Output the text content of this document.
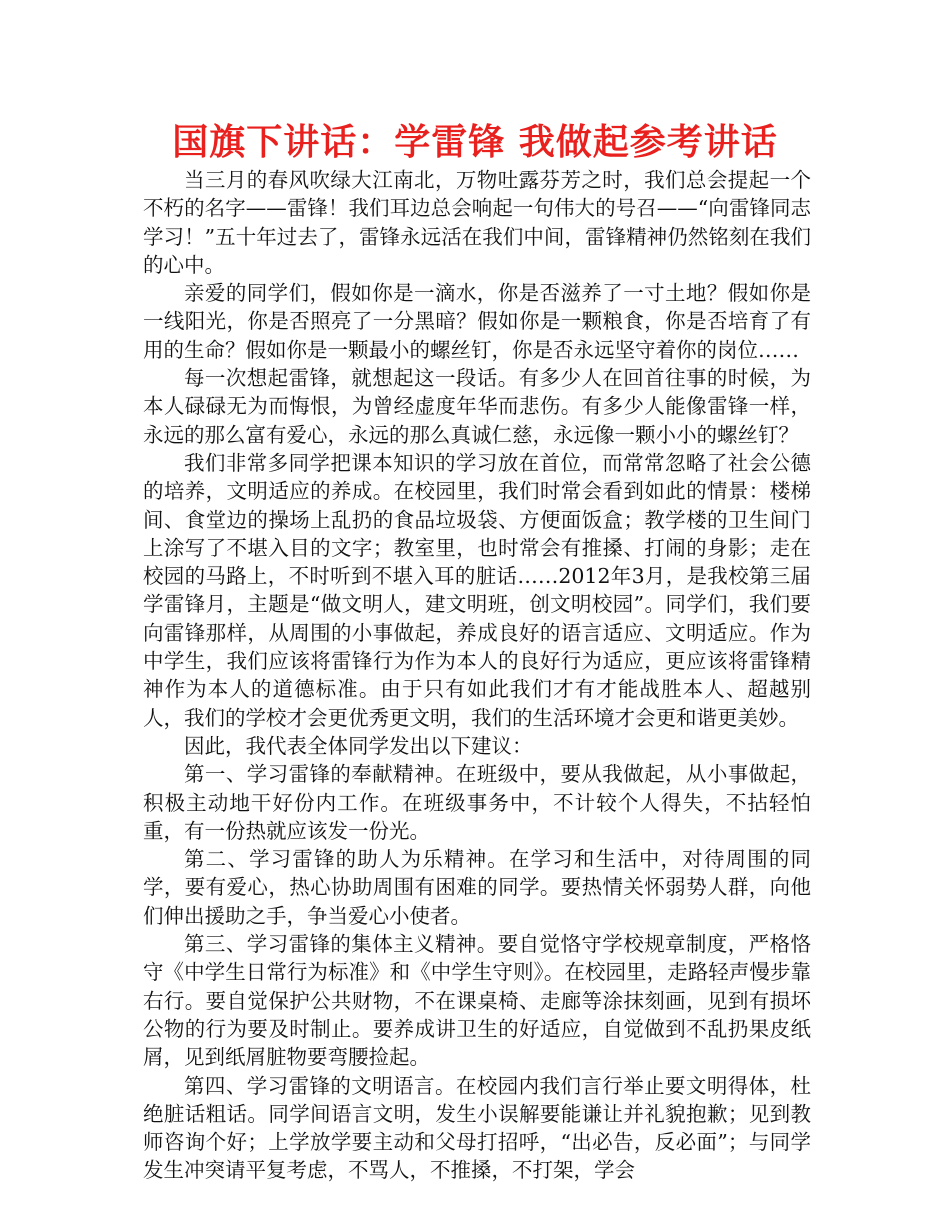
国旗下讲话：学雷锋 我做起参考讲话

当三月的春风吹绿大江南北，万物吐露芬芳之时，我们总会提起一个不朽的名字——雷锋！我们耳边总会响起一句伟大的号召——“向雷锋同志学习！”五十年过去了，雷锋永远活在我们中间，雷锋精神仍然铭刻在我们的心中。

亲爱的同学们，假如你是一滴水，你是否滋养了一寸土地？假如你是一线阳光，你是否照亮了一分黑暗？假如你是一颗粮食，你是否培育了有用的生命？假如你是一颗最小的螺丝钉，你是否永远坚守着你的岗位……

每一次想起雷锋，就想起这一段话。有多少人在回首往事的时候，为本人碌碌无为而悔恨，为曾经虚度年华而悲伤。有多少人能像雷锋一样，永远的那么富有爱心，永远的那么真诚仁慈，永远像一颗小小的螺丝钉？

我们非常多同学把课本知识的学习放在首位，而常常忽略了社会公德的培养，文明适应的养成。在校园里，我们时常会看到如此的情景：楼梯间、食堂边的操场上乱扔的食品垃圾袋、方便面饭盒；教学楼的卫生间门上涂写了不堪入目的文字；教室里，也时常会有推搡、打闹的身影；走在校园的马路上，不时听到不堪入耳的脏话……2012年3月，是我校第三届学雷锋月，主题是“做文明人，建文明班，创文明校园”。同学们，我们要向雷锋那样，从周围的小事做起，养成良好的语言适应、文明适应。作为中学生，我们应该将雷锋行为作为本人的良好行为适应，更应该将雷锋精神作为本人的道德标准。由于只有如此我们才有才能战胜本人、超越别人，我们的学校才会更优秀更文明，我们的生活环境才会更和谐更美妙。

因此，我代表全体同学发出以下建议：

第一、学习雷锋的奉献精神。在班级中，要从我做起，从小事做起，积极主动地干好份内工作。在班级事务中，不计较个人得失，不拈轻怕重，有一份热就应该发一份光。

第二、学习雷锋的助人为乐精神。在学习和生活中，对待周围的同学，要有爱心，热心协助周围有困难的同学。要热情关怀弱势人群，向他们伸出援助之手，争当爱心小使者。

第三、学习雷锋的集体主义精神。要自觉恪守学校规章制度，严格恪守《中学生日常行为标准》和《中学生守则》。在校园里，走路轻声慢步靠右行。要自觉保护公共财物，不在课桌椅、走廊等涂抹刻画，见到有损坏公物的行为要及时制止。要养成讲卫生的好适应，自觉做到不乱扔果皮纸屑，见到纸屑脏物要弯腰捡起。

第四、学习雷锋的文明语言。在校园内我们言行举止要文明得体，杜绝脏话粗话。同学间语言文明，发生小误解要能谦让并礼貌抱歉；见到教师咨询个好；上学放学要主动和父母打招呼，“出必告，反必面”；与同学发生冲突请平复考虑，不骂人，不推搡，不打架，学会
